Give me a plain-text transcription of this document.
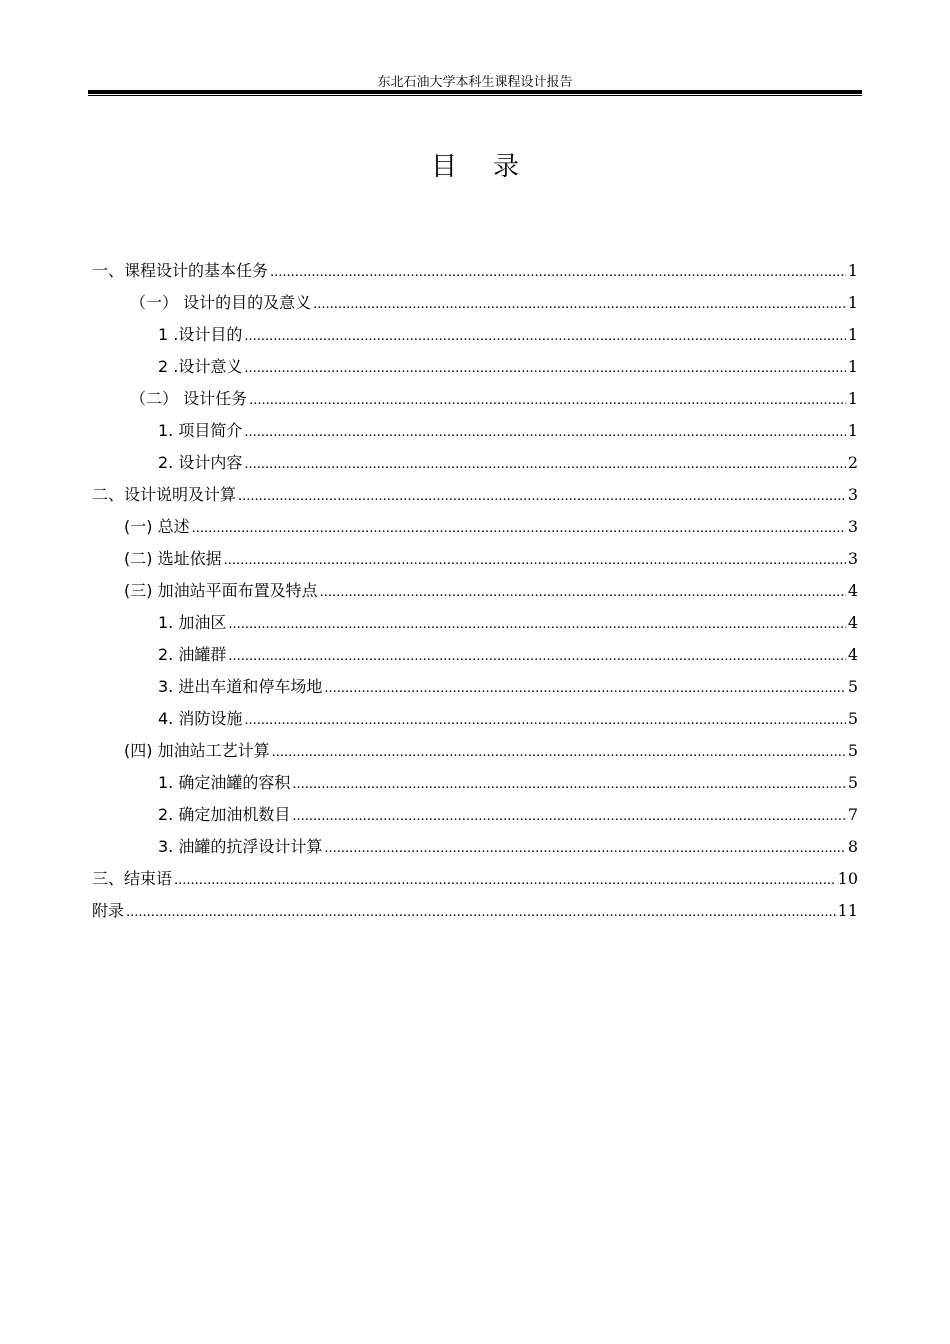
东北石油大学本科生课程设计报告
目录
一、课程设计的基本任务 .....	1
（一） 设计的目的及意义 .....	1
1 .设计目的 .....	1
2 .设计意义 .....	1
（二） 设计任务 .....	1
1. 项目简介 .....	1
2. 设计内容 .....	2
二、设计说明及计算 .....	3
(一) 总述 .....	3
(二) 选址依据 .....	3
(三) 加油站平面布置及特点 .....	4
1. 加油区 .....	4
2. 油罐群 .....	4
3. 进出车道和停车场地 .....	5
4. 消防设施 .....	5
(四) 加油站工艺计算 .....	5
1. 确定油罐的容积 .....	5
2. 确定加油机数目 .....	7
3. 油罐的抗浮设计计算 .....	8
三、结束语 .....	10
附录 .....	11
